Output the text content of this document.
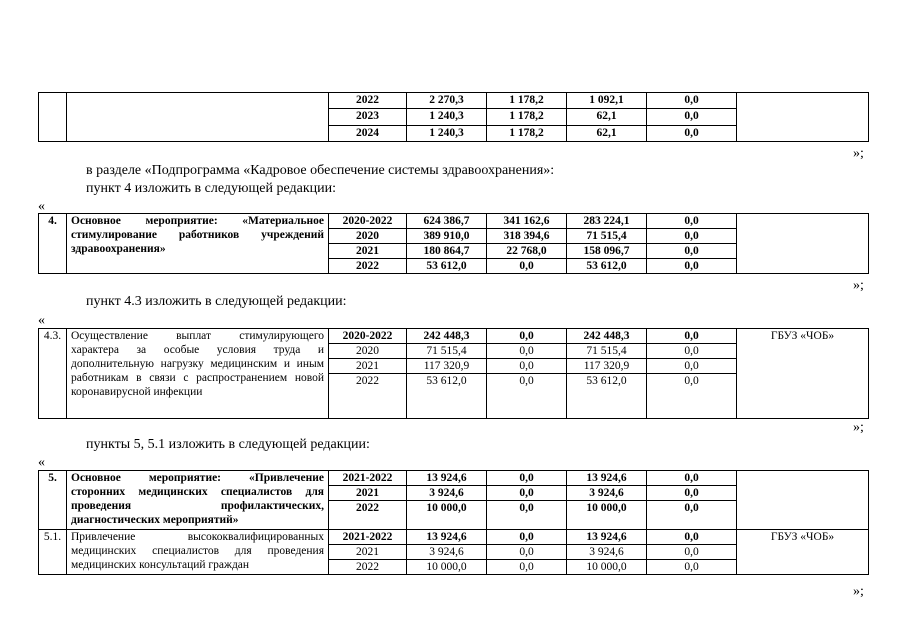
		2022	2 270,3	1 178,2	1 092,1	0,0	
		2023	1 240,3	1 178,2	62,1	0,0	
		2024	1 240,3	1 178,2	62,1	0,0	
»;
в разделе «Подпрограмма «Кадровое обеспечение системы здравоохранения»:
пункт 4 изложить в следующей редакции:
«
4.	Основное мероприятие: «Материальное стимулирование работников учреждений здравоохранения»	2020-2022	624 386,7	341 162,6	283 224,1	0,0	
		2020	389 910,0	318 394,6	71 515,4	0,0	
		2021	180 864,7	22 768,0	158 096,7	0,0	
		2022	53 612,0	0,0	53 612,0	0,0	
»;
пункт 4.3 изложить в следующей редакции:
«
4.3.	Осуществление выплат стимулирующего характера за особые условия труда и дополнительную нагрузку медицинским и иным работникам в связи с распространением новой коронавирусной инфекции	2020-2022	242 448,3	0,0	242 448,3	0,0	ГБУЗ «ЧОБ»
		2020	71 515,4	0,0	71 515,4	0,0	
		2021	117 320,9	0,0	117 320,9	0,0	
		2022	53 612,0	0,0	53 612,0	0,0	
»;
пункты 5, 5.1 изложить в следующей редакции:
«
5.	Основное мероприятие: «Привлечение сторонних медицинских специалистов для проведения профилактических, диагностических мероприятий»	2021-2022	13 924,6	0,0	13 924,6	0,0	
		2021	3 924,6	0,0	3 924,6	0,0	
		2022	10 000,0	0,0	10 000,0	0,0	
5.1.	Привлечение высококвалифицированных медицинских специалистов для проведения медицинских консультаций граждан	2021-2022	13 924,6	0,0	13 924,6	0,0	ГБУЗ «ЧОБ»
		2021	3 924,6	0,0	3 924,6	0,0	
		2022	10 000,0	0,0	10 000,0	0,0	
»;
